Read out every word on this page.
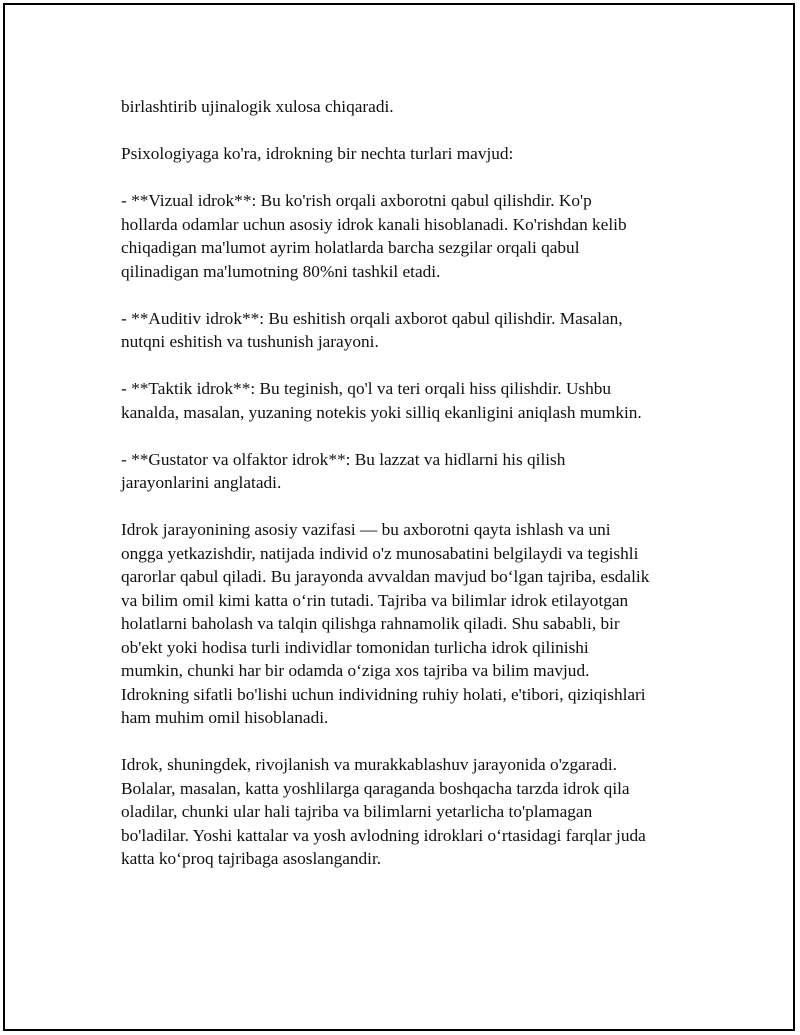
birlashtirib ujinalogik xulosa chiqaradi.

Psixologiyaga ko'ra, idrokning bir nechta turlari mavjud:

- **Vizual idrok**: Bu ko'rish orqali axborotni qabul qilishdir. Ko'p
hollarda odamlar uchun asosiy idrok kanali hisoblanadi. Ko'rishdan kelib
chiqadigan ma'lumot ayrim holatlarda barcha sezgilar orqali qabul
qilinadigan ma'lumotning 80%ni tashkil etadi.

- **Auditiv idrok**: Bu eshitish orqali axborot qabul qilishdir. Masalan,
nutqni eshitish va tushunish jarayoni.

- **Taktik idrok**: Bu teginish, qo'l va teri orqali hiss qilishdir. Ushbu
kanalda, masalan, yuzaning notekis yoki silliq ekanligini aniqlash mumkin.

- **Gustator va olfaktor idrok**: Bu lazzat va hidlarni his qilish
jarayonlarini anglatadi.

Idrok jarayonining asosiy vazifasi — bu axborotni qayta ishlash va uni
ongga yetkazishdir, natijada individ o'z munosabatini belgilaydi va tegishli
qarorlar qabul qiladi. Bu jarayonda avvaldan mavjud bo‘lgan tajriba, esdalik
va bilim omil kimi katta o‘rin tutadi. Tajriba va bilimlar idrok etilayotgan
holatlarni baholash va talqin qilishga rahnamolik qiladi. Shu sababli, bir
ob'ekt yoki hodisa turli individlar tomonidan turlicha idrok qilinishi
mumkin, chunki har bir odamda o‘ziga xos tajriba va bilim mavjud.
Idrokning sifatli bo'lishi uchun individning ruhiy holati, e'tibori, qiziqishlari
ham muhim omil hisoblanadi.

Idrok, shuningdek, rivojlanish va murakkablashuv jarayonida o'zgaradi.
Bolalar, masalan, katta yoshlilarga qaraganda boshqacha tarzda idrok qila
oladilar, chunki ular hali tajriba va bilimlarni yetarlicha to'plamagan
bo'ladilar. Yoshi kattalar va yosh avlodning idroklari o‘rtasidagi farqlar juda
katta ko‘proq tajribaga asoslangandir.
